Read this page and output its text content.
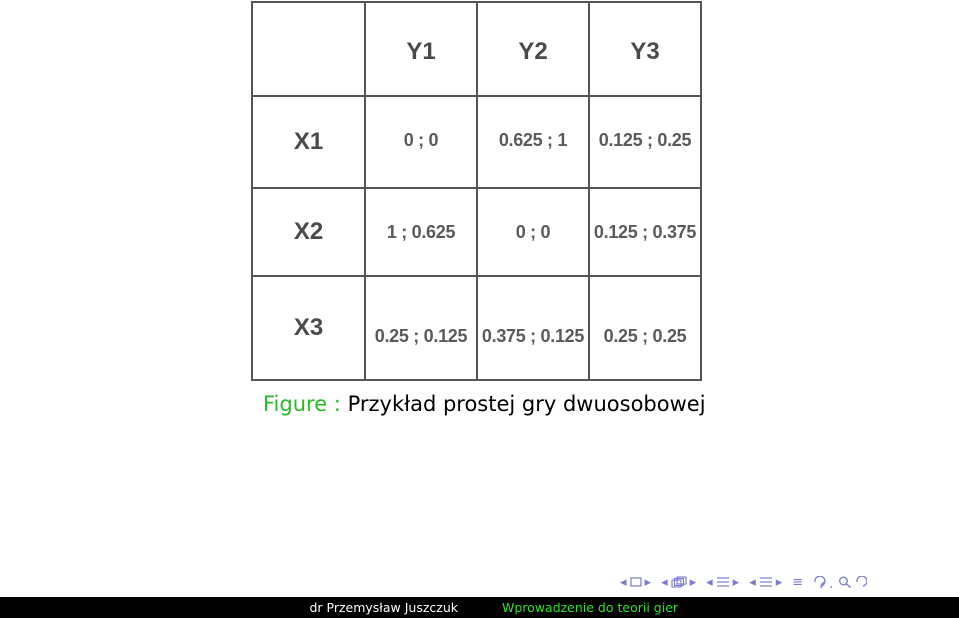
	Y1	Y2	Y3
X1	0 ; 0	0.625 ; 1	0.125 ; 0.25
X2	1 ; 0.625	0 ; 0	0.125 ; 0.375
X3	0.25 ; 0.125	0.375 ; 0.125	0.25 ; 0.25
Figure : Przykład prostej gry dwuosobowej
◂ ▸ ◂ ▸ ◂ ▸ ◂ ▸ ≡
dr Przemysław Juszczuk	Wprowadzenie do teorii gier
